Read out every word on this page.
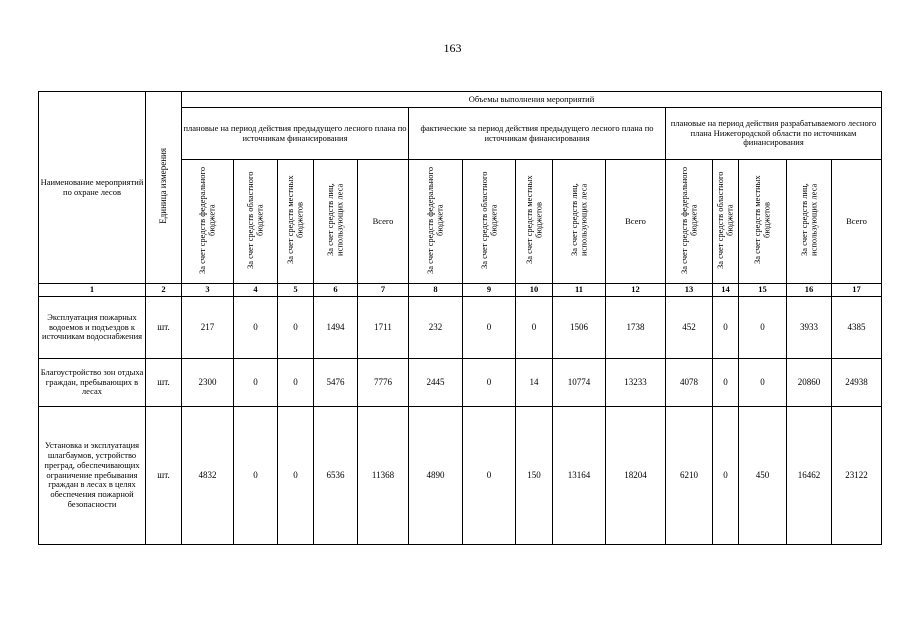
163
Наименование мероприятий по охране лесов	Единица измерения	Объемы выполнения мероприятий														
		плановые на период действия предыдущего лесного плана по источникам финансирования					фактические за период действия предыдущего лесного плана по источникам финансирования					плановые на период действия разрабатываемого лесного плана Нижегородской области по источникам финансирования				
		За счет средств федерального бюджета	За счет средств областного бюджета	За счет средств местных бюджетов	За счет средств лиц, использующих леса	Всего	За счет средств федерального бюджета	За счет средств областного бюджета	За счет средств местных бюджетов	За счет средств лиц, использующих леса	Всего	За счет средств федерального бюджета	За счет средств областного бюджета	За счет средств местных бюджетов	За счет средств лиц, использующих леса	Всего
1	2	3	4	5	6	7	8	9	10	11	12	13	14	15	16	17
Эксплуатация пожарных водоемов и подъездов к источникам водоснабжения	шт.	217	0	0	1494	1711	232	0	0	1506	1738	452	0	0	3933	4385
Благоустройство зон отдыха граждан, пребывающих в лесах	шт.	2300	0	0	5476	7776	2445	0	14	10774	13233	4078	0	0	20860	24938
Установка и эксплуатация шлагбаумов, устройство преград, обеспечивающих ограничение пребывания граждан в лесах в целях обеспечения пожарной безопасности	шт.	4832	0	0	6536	11368	4890	0	150	13164	18204	6210	0	450	16462	23122
